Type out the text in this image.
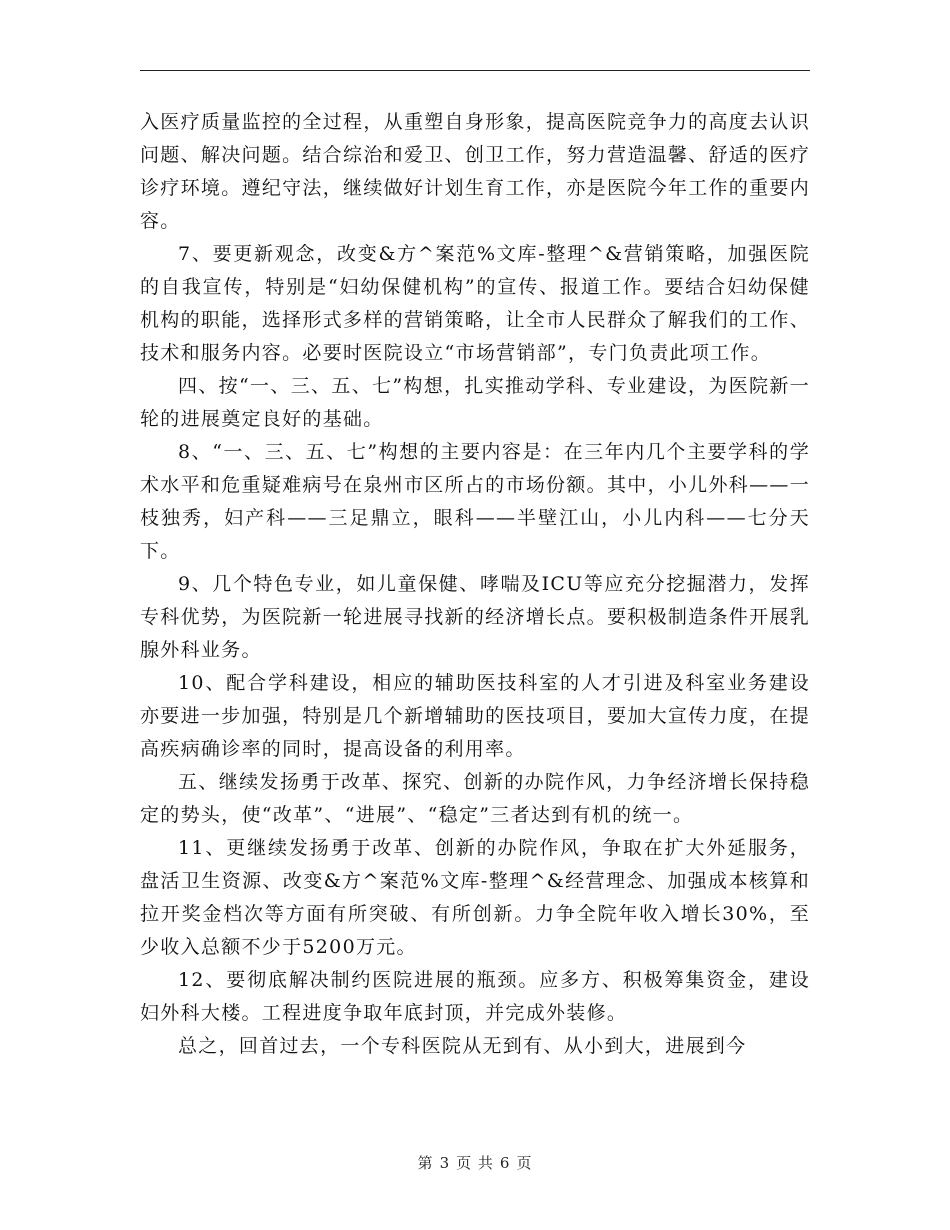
入医疗质量监控的全过程，从重塑自身形象，提高医院竞争力的高度去认识问题、解决问题。结合综治和爱卫、创卫工作，努力营造温馨、舒适的医疗诊疗环境。遵纪守法，继续做好计划生育工作，亦是医院今年工作的重要内容。

7、要更新观念，改变&方^案范%文库-整理^&营销策略，加强医院的自我宣传，特别是“妇幼保健机构”的宣传、报道工作。要结合妇幼保健机构的职能，选择形式多样的营销策略，让全市人民群众了解我们的工作、技术和服务内容。必要时医院设立“市场营销部”，专门负责此项工作。

四、按“一、三、五、七”构想，扎实推动学科、专业建设，为医院新一轮的进展奠定良好的基础。

8、“一、三、五、七”构想的主要内容是：在三年内几个主要学科的学术水平和危重疑难病号在泉州市区所占的市场份额。其中，小儿外科——一枝独秀，妇产科——三足鼎立，眼科——半壁江山，小儿内科——七分天下。

9、几个特色专业，如儿童保健、哮喘及ICU等应充分挖掘潜力，发挥专科优势，为医院新一轮进展寻找新的经济增长点。要积极制造条件开展乳腺外科业务。

10、配合学科建设，相应的辅助医技科室的人才引进及科室业务建设亦要进一步加强，特别是几个新增辅助的医技项目，要加大宣传力度，在提高疾病确诊率的同时，提高设备的利用率。

五、继续发扬勇于改革、探究、创新的办院作风，力争经济增长保持稳定的势头，使“改革”、“进展”、“稳定”三者达到有机的统一。

11、更继续发扬勇于改革、创新的办院作风，争取在扩大外延服务，盘活卫生资源、改变&方^案范%文库-整理^&经营理念、加强成本核算和拉开奖金档次等方面有所突破、有所创新。力争全院年收入增长30%，至少收入总额不少于5200万元。

12、要彻底解决制约医院进展的瓶颈。应多方、积极筹集资金，建设妇外科大楼。工程进度争取年底封顶，并完成外装修。

总之，回首过去，一个专科医院从无到有、从小到大，进展到今

第 3 页 共 6 页
